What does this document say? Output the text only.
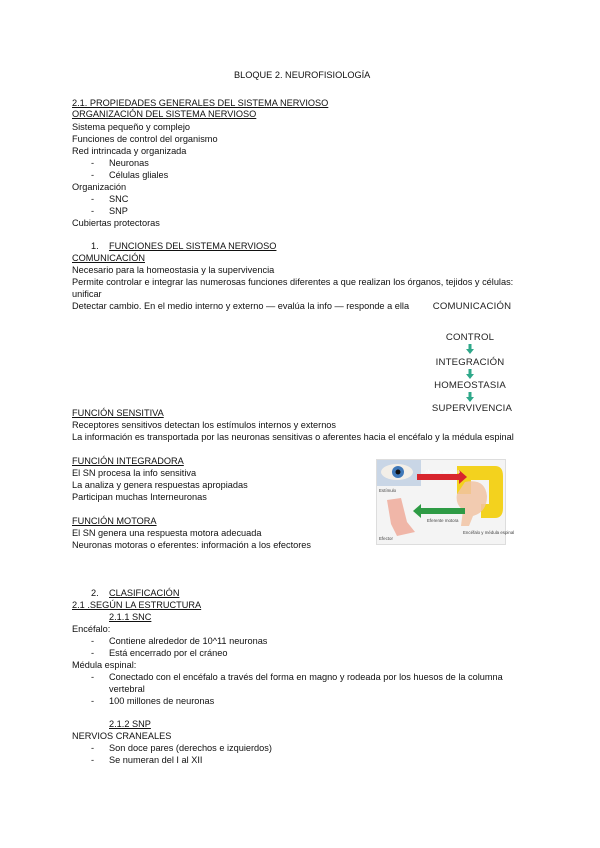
BLOQUE 2. NEUROFISIOLOGÍA
2.1. PROPIEDADES GENERALES DEL SISTEMA NERVIOSO
ORGANIZACIÓN DEL SISTEMA NERVIOSO
Sistema pequeño y complejo
Funciones de control del organismo
Red intrincada y organizada
- Neuronas
- Células gliales
Organización
- SNC
- SNP
Cubiertas protectoras
1. FUNCIONES DEL SISTEMA NERVIOSO
COMUNICACIÓN
Necesario para la homeostasia y la supervivencia
Permite controlar e integrar las numerosas funciones diferentes a que realizan los órganos, tejidos y células:
unificar
Detectar cambio. En el medio interno y externo — evalúa la info — responde a ella	COMUNICACIÓN
CONTROL
INTEGRACIÓN
HOMEOSTASIA
SUPERVIVENCIA
FUNCIÓN SENSITIVA
Receptores sensitivos detectan los estímulos internos y externos
La información es transportada por las neuronas sensitivas o aferentes hacia el encéfalo y la médula espinal
FUNCIÓN INTEGRADORA
El SN procesa la info sensitiva
La analiza y genera respuestas apropiadas
Participan muchas Interneuronas
Aferente sensitiva
Eferente motora
Encéfalo y médula espinal
Estímulo
Efector
FUNCIÓN MOTORA
El SN genera una respuesta motora adecuada
Neuronas motoras o eferentes: información a los efectores
2. CLASIFICACIÓN
2.1 .SEGÚN LA ESTRUCTURA
2.1.1 SNC
Encéfalo:
- Contiene alrededor de 10^11 neuronas
- Está encerrado por el cráneo
Médula espinal:
- Conectado con el encéfalo a través del forma en magno y rodeada por los huesos de la columna
vertebral
- 100 millones de neuronas
2.1.2 SNP
NERVIOS CRANEALES
- Son doce pares (derechos e izquierdos)
- Se numeran del I al XII
